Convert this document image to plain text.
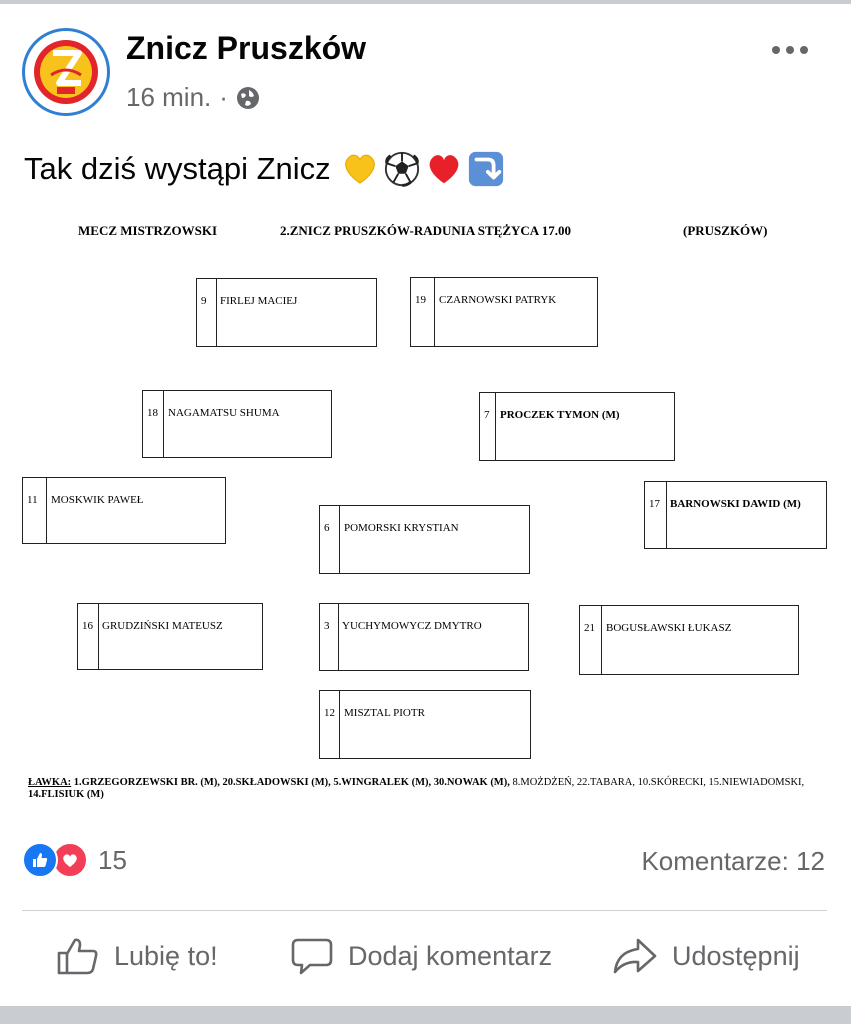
Znicz Pruszków
16 min. ·
Tak dziś wystąpi Znicz
MECZ MISTRZOWSKI	2.ZNICZ PRUSZKÓW-RADUNIA STĘŻYCA 17.00	(PRUSZKÓW)
9	FIRLEJ MACIEJ	19	CZARNOWSKI PATRYK
18 NAGAMATSU SHUMA	7 PROCZEK TYMON (M)
11	MOSKWIK PAWEŁ
6	POMORSKI KRYSTIAN
17 BARNOWSKI DAWID (M)
16 GRUDZIŃSKI MATEUSZ	3	YUCHYMOWYCZ DMYTRO	21	BOGUSŁAWSKI ŁUKASZ
12 MISZTAL PIOTR
ŁAWKA: 1.GRZEGORZEWSKI BR. (M), 20.SKŁADOWSKI (M), 5.WINGRALEK (M), 30.NOWAK (M), 8.MOŻDŻEŃ, 22.TABARA, 10.SKÓRECKI, 15.NIEWIADOMSKI, 14.FLISIUK (M)
15	Komentarze: 12
Lubię to!	Dodaj komentarz	Udostępnij
